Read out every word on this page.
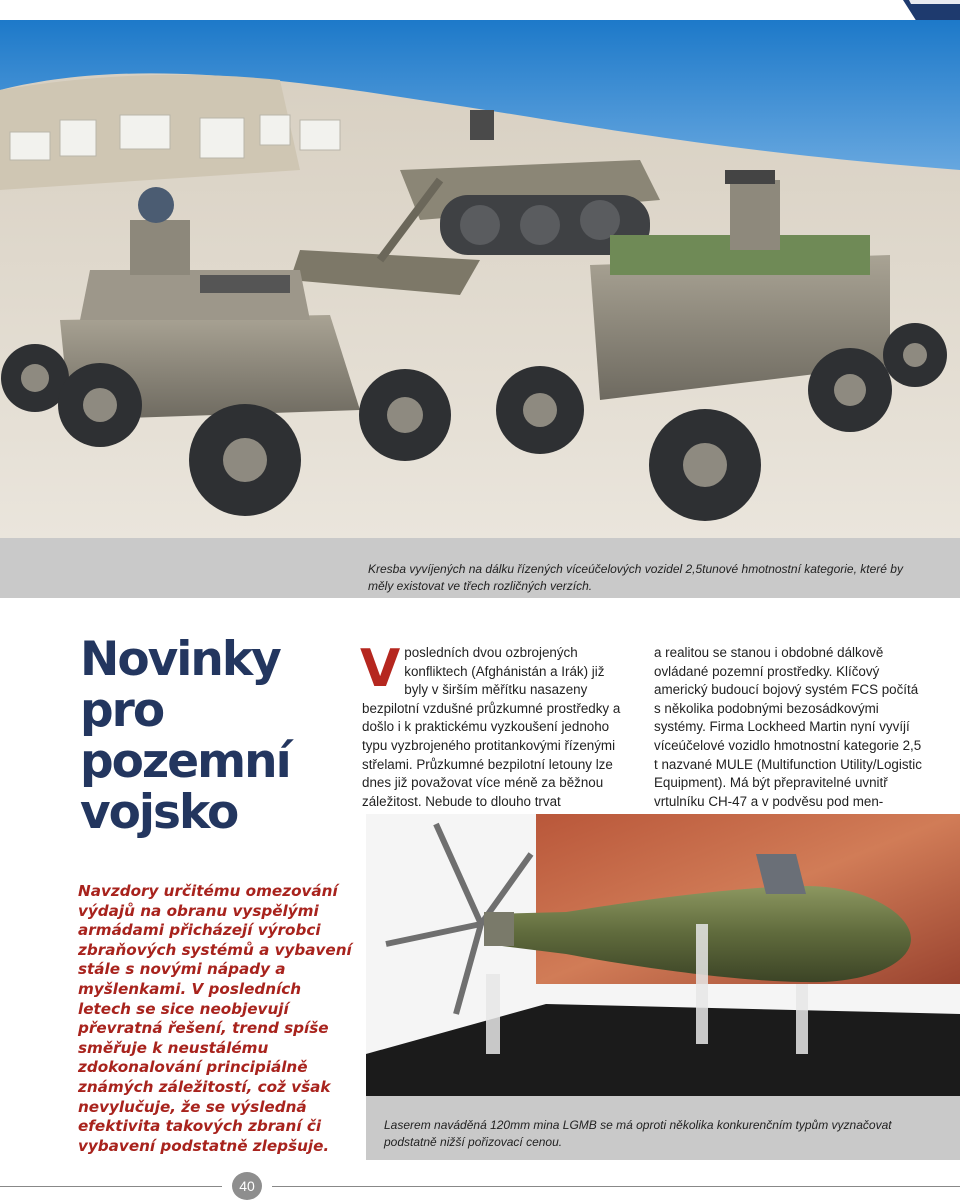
Kresba vyvíjených na dálku řízených víceúčelových vozidel 2,5tunové hmotnostní kategorie, které by měly existovat ve třech rozličných verzích.

Novinky
pro
pozemní
vojsko

Vposledních dvou ozbrojených konfliktech (Afghánistán a Irák) již byly v širším měřítku nasazeny bezpilotní vzdušné průzkumné prostředky a došlo i k praktickému vyzkoušení jednoho typu vyzbrojeného protitankovými řízenými střelami. Průzkumné bezpilotní letouny lze dnes již považovat více méně za běžnou záležitost. Nebude to dlouho trvat

a realitou se stanou i obdobné dálkově ovládané pozemní prostředky. Klíčový americký budoucí bojový systém FCS počítá s několika podobnými bezosádkovými systémy. Firma Lockheed Martin nyní vyvíjí víceúčelové vozidlo hmotnostní kategorie 2,5 t nazvané MULE (Multifunction Utility/Logistic Equipment). Má být přepravitelné uvnitř vrtulníku CH-47 a v podvěsu pod men-

Navzdory určitému omezování výdajů na obranu vyspělými armádami přicházejí výrobci zbraňových systémů a vybavení stále s novými nápady a myšlenkami. V posledních letech se sice neobjevují převratná řešení, trend spíše směřuje k neustálému zdokonalování principiálně známých záležitostí, což však nevylučuje, že se výsledná efektivita takových zbraní či vybavení podstatně zlepšuje.

Laserem naváděná 120mm mina LGMB se má oproti několika konkurenčním typům vyznačovat podstatně nižší pořizovací cenou.

40
